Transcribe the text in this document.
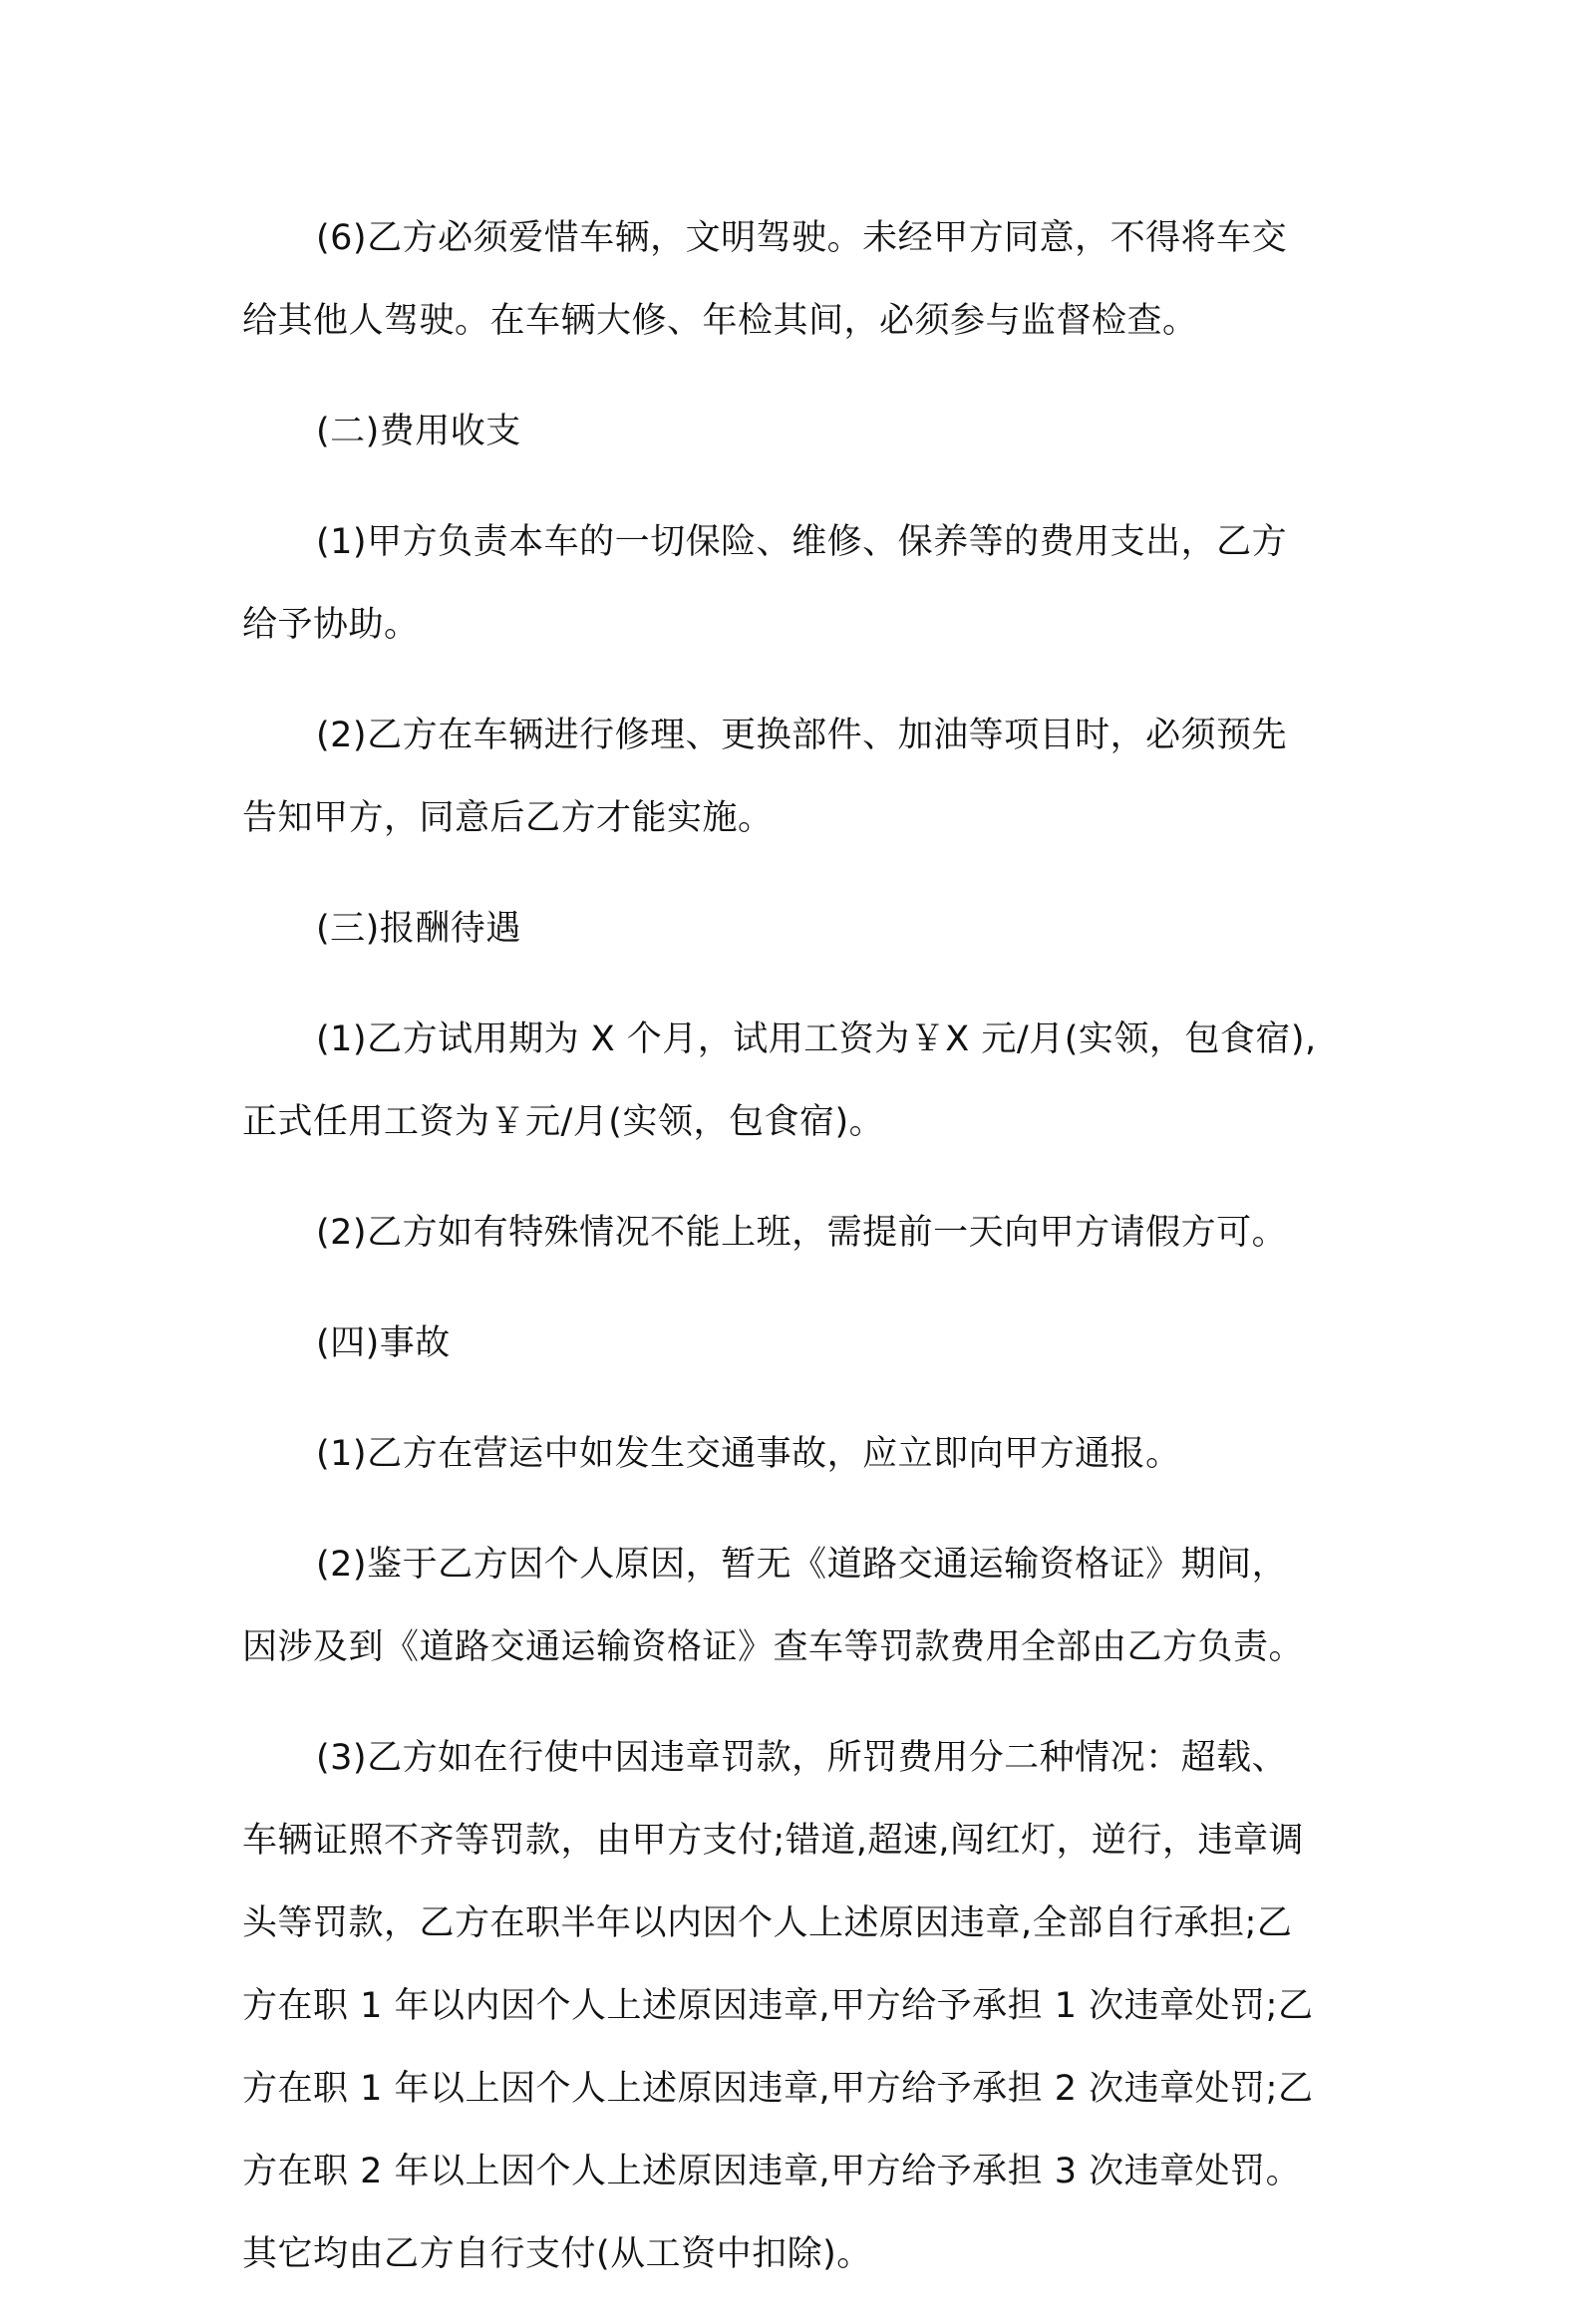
(6)乙方必须爱惜车辆，文明驾驶。未经甲方同意，不得将车交
给其他人驾驶。在车辆大修、年检其间，必须参与监督检查。

(二)费用收支

(1)甲方负责本车的一切保险、维修、保养等的费用支出，乙方
给予协助。

(2)乙方在车辆进行修理、更换部件、加油等项目时，必须预先
告知甲方，同意后乙方才能实施。

(三)报酬待遇

(1)乙方试用期为 X 个月，试用工资为￥X 元/月(实领，包食宿),
正式任用工资为￥元/月(实领，包食宿)。

(2)乙方如有特殊情况不能上班，需提前一天向甲方请假方可。

(四)事故

(1)乙方在营运中如发生交通事故，应立即向甲方通报。

(2)鉴于乙方因个人原因，暂无《道路交通运输资格证》期间，
因涉及到《道路交通运输资格证》查车等罚款费用全部由乙方负责。

(3)乙方如在行使中因违章罚款，所罚费用分二种情况：超载、
车辆证照不齐等罚款，由甲方支付;错道,超速,闯红灯，逆行，违章调
头等罚款，乙方在职半年以内因个人上述原因违章,全部自行承担;乙
方在职 1 年以内因个人上述原因违章,甲方给予承担 1 次违章处罚;乙
方在职 1 年以上因个人上述原因违章,甲方给予承担 2 次违章处罚;乙
方在职 2 年以上因个人上述原因违章,甲方给予承担 3 次违章处罚。
其它均由乙方自行支付(从工资中扣除)。
